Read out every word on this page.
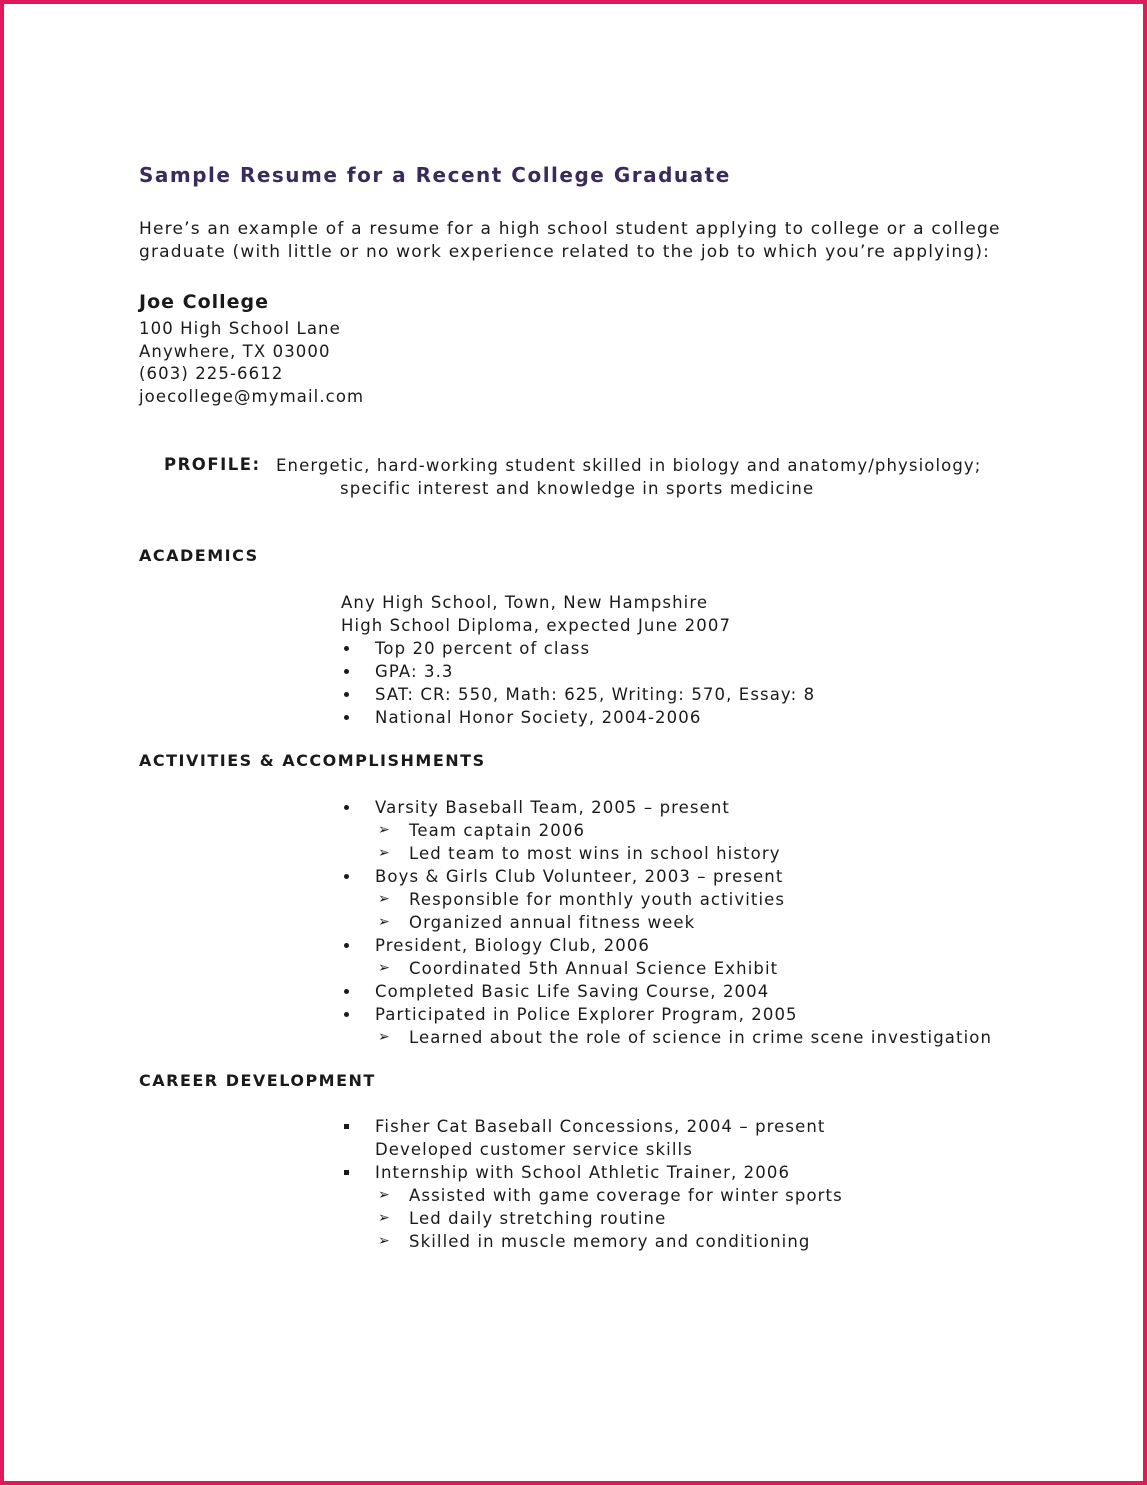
Sample Resume for a Recent College Graduate
Here’s an example of a resume for a high school student applying to college or a college
graduate (with little or no work experience related to the job to which you’re applying):
Joe College
100 High School Lane
Anywhere, TX 03000
(603) 225-6612
joecollege@mymail.com
PROFILE: Energetic, hard-working student skilled in biology and anatomy/physiology;
specific interest and knowledge in sports medicine
ACADEMICS
Any High School, Town, New Hampshire
High School Diploma, expected June 2007
Top 20 percent of class
GPA: 3.3
SAT: CR: 550, Math: 625, Writing: 570, Essay: 8
National Honor Society, 2004-2006
ACTIVITIES & ACCOMPLISHMENTS
Varsity Baseball Team, 2005 – present
➢ Team captain 2006
➢ Led team to most wins in school history
Boys & Girls Club Volunteer, 2003 – present
➢ Responsible for monthly youth activities
➢ Organized annual fitness week
President, Biology Club, 2006
➢ Coordinated 5th Annual Science Exhibit
Completed Basic Life Saving Course, 2004
Participated in Police Explorer Program, 2005
➢ Learned about the role of science in crime scene investigation
CAREER DEVELOPMENT
Fisher Cat Baseball Concessions, 2004 – present
Developed customer service skills
Internship with School Athletic Trainer, 2006
➢ Assisted with game coverage for winter sports
➢ Led daily stretching routine
➢ Skilled in muscle memory and conditioning
